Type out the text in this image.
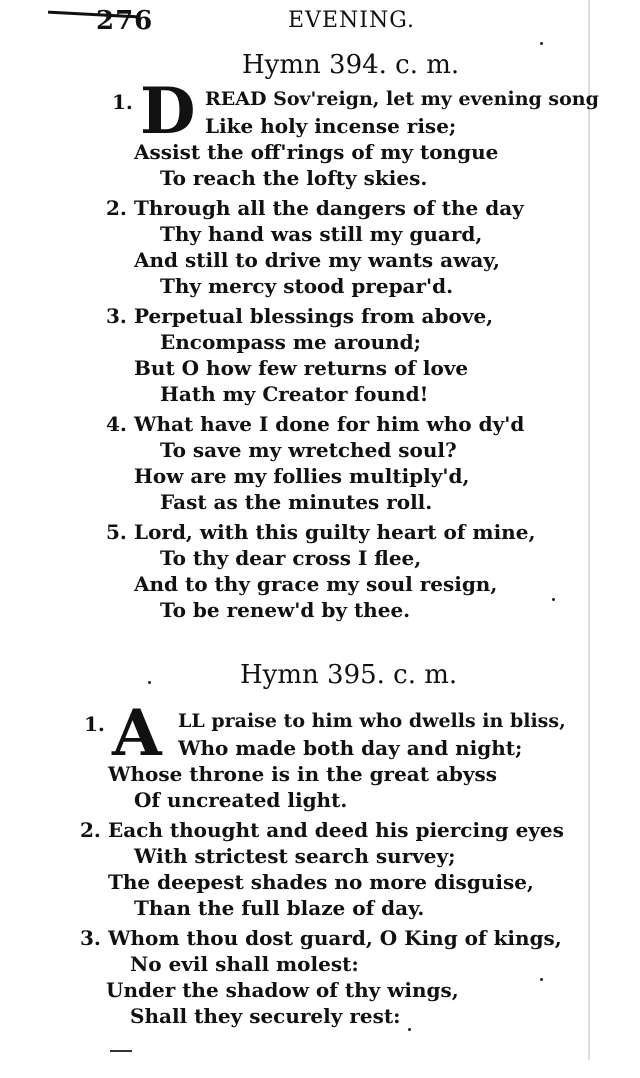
276	EVENING.
Hymn 394. c. m.
1. D READ Sov'reign, let my evening song
Like holy incense rise;
Assist the off'rings of my tongue
To reach the lofty skies.
2. Through all the dangers of the day
Thy hand was still my guard,
And still to drive my wants away,
Thy mercy stood prepar'd.
3. Perpetual blessings from above,
Encompass me around;
But O how few returns of love
Hath my Creator found!
4. What have I done for him who dy'd
To save my wretched soul?
How are my follies multiply'd,
Fast as the minutes roll.
5. Lord, with this guilty heart of mine,
To thy dear cross I flee,
And to thy grace my soul resign,
To be renew'd by thee.
Hymn 395. c. m.
1. A LL praise to him who dwells in bliss,
Who made both day and night;
Whose throne is in the great abyss
Of uncreated light.
2. Each thought and deed his piercing eyes
With strictest search survey;
The deepest shades no more disguise,
Than the full blaze of day.
3. Whom thou dost guard, O King of kings,
No evil shall molest:
Under the shadow of thy wings,
Shall they securely rest:
